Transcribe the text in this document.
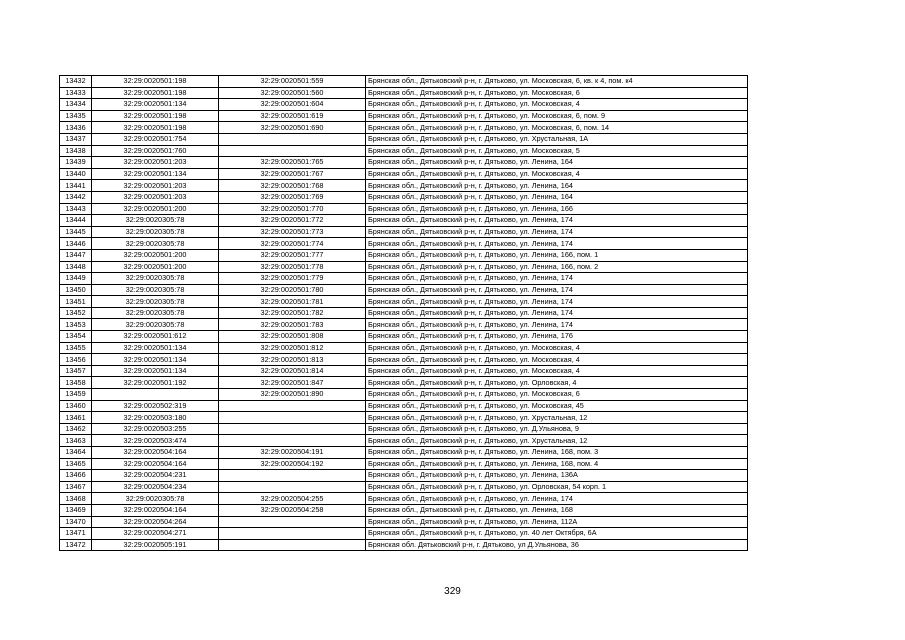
13432	32:29:0020501:198	32:29:0020501:559	Брянская обл., Дятьковский р-н, г. Дятьково, ул. Московская, 6, кв. к 4, пом. к4
13433	32:29:0020501:198	32:29:0020501:560	Брянская обл., Дятьковский р-н, г. Дятьково, ул. Московская, 6
13434	32:29:0020501:134	32:29:0020501:604	Брянская обл., Дятьковский р-н, г. Дятьково, ул. Московская, 4
13435	32:29:0020501:198	32:29:0020501:619	Брянская обл., Дятьковский р-н, г. Дятьково, ул. Московская, 6, пом. 9
13436	32:29:0020501:198	32:29:0020501:690	Брянская обл., Дятьковский р-н, г. Дятьково, ул. Московская, 6, пом. 14
13437	32:29:0020501:754		Брянская обл., Дятьковский р-н, г. Дятьково, ул. Хрустальная, 1А
13438	32:29:0020501:760		Брянская обл., Дятьковский р-н, г. Дятьково, ул. Московская, 5
13439	32:29:0020501:203	32:29:0020501:765	Брянская обл., Дятьковский р-н, г. Дятьково, ул. Ленина, 164
13440	32:29:0020501:134	32:29:0020501:767	Брянская обл., Дятьковский р-н, г. Дятьково, ул. Московская, 4
13441	32:29:0020501:203	32:29:0020501:768	Брянская обл., Дятьковский р-н, г. Дятьково, ул. Ленина, 164
13442	32:29:0020501:203	32:29:0020501:769	Брянская обл., Дятьковский р-н, г. Дятьково, ул. Ленина, 164
13443	32:29:0020501:200	32:29:0020501:770	Брянская обл., Дятьковский р-н, г. Дятьково, ул. Ленина, 166
13444	32:29:0020305:78	32:29:0020501:772	Брянская обл., Дятьковский р-н, г. Дятьково, ул. Ленина, 174
13445	32:29:0020305:78	32:29:0020501:773	Брянская обл., Дятьковский р-н, г. Дятьково, ул. Ленина, 174
13446	32:29:0020305:78	32:29:0020501:774	Брянская обл., Дятьковский р-н, г. Дятьково, ул. Ленина, 174
13447	32:29:0020501:200	32:29:0020501:777	Брянская обл., Дятьковский р-н, г. Дятьково, ул. Ленина, 166, пом. 1
13448	32:29:0020501:200	32:29:0020501:778	Брянская обл., Дятьковский р-н, г. Дятьково, ул. Ленина, 166, пом. 2
13449	32:29:0020305:78	32:29:0020501:779	Брянская обл., Дятьковский р-н, г. Дятьково, ул. Ленина, 174
13450	32:29:0020305:78	32:29:0020501:780	Брянская обл., Дятьковский р-н, г. Дятьково, ул. Ленина, 174
13451	32:29:0020305:78	32:29:0020501:781	Брянская обл., Дятьковский р-н, г. Дятьково, ул. Ленина, 174
13452	32:29:0020305:78	32:29:0020501:782	Брянская обл., Дятьковский р-н, г. Дятьково, ул. Ленина, 174
13453	32:29:0020305:78	32:29:0020501:783	Брянская обл., Дятьковский р-н, г. Дятьково, ул. Ленина, 174
13454	32:29:0020501:612	32:29:0020501:808	Брянская обл., Дятьковский р-н, г. Дятьково, ул. Ленина, 176
13455	32:29:0020501:134	32:29:0020501:812	Брянская обл., Дятьковский р-н, г. Дятьково, ул. Московская, 4
13456	32:29:0020501:134	32:29:0020501:813	Брянская обл., Дятьковский р-н, г. Дятьково, ул. Московская, 4
13457	32:29:0020501:134	32:29:0020501:814	Брянская обл., Дятьковский р-н, г. Дятьково, ул. Московская, 4
13458	32:29:0020501:192	32:29:0020501:847	Брянская обл., Дятьковский р-н, г. Дятьково, ул. Орловская, 4
13459		32:29:0020501:890	Брянская обл., Дятьковский р-н, г. Дятьково, ул. Московская, 6
13460	32:29:0020502:319		Брянская обл., Дятьковский р-н, г. Дятьково, ул. Московская, 45
13461	32:29:0020503:180		Брянская обл., Дятьковский р-н, г. Дятьково, ул. Хрустальная, 12
13462	32:29:0020503:255		Брянская обл., Дятьковский р-н, г. Дятьково, ул. Д.Ульянова, 9
13463	32:29:0020503:474		Брянская обл., Дятьковский р-н, г. Дятьково, ул. Хрустальная, 12
13464	32:29:0020504:164	32:29:0020504:191	Брянская обл., Дятьковский р-н, г. Дятьково, ул. Ленина, 168, пом. 3
13465	32:29:0020504:164	32:29:0020504:192	Брянская обл., Дятьковский р-н, г. Дятьково, ул. Ленина, 168, пом. 4
13466	32:29:0020504:231		Брянская обл., Дятьковский р-н, г. Дятьково, ул. Ленина, 136А
13467	32:29:0020504:234		Брянская обл., Дятьковский р-н, г. Дятьково, ул. Орловская, 54 корп. 1
13468	32:29:0020305:78	32:29:0020504:255	Брянская обл., Дятьковский р-н, г. Дятьково, ул. Ленина, 174
13469	32:29:0020504:164	32:29:0020504:258	Брянская обл., Дятьковский р-н, г. Дятьково, ул. Ленина, 168
13470	32:29:0020504:264		Брянская обл., Дятьковский р-н, г. Дятьково, ул. Ленина, 112А
13471	32:29:0020504:271		Брянская обл., Дятьковский р-н, г. Дятьково, ул. 40 лет Октября, 6А
13472	32:29:0020505:191		Брянская обл. Дятьковский р-н, г. Дятьково, ул Д.Ульянова, 36
329
